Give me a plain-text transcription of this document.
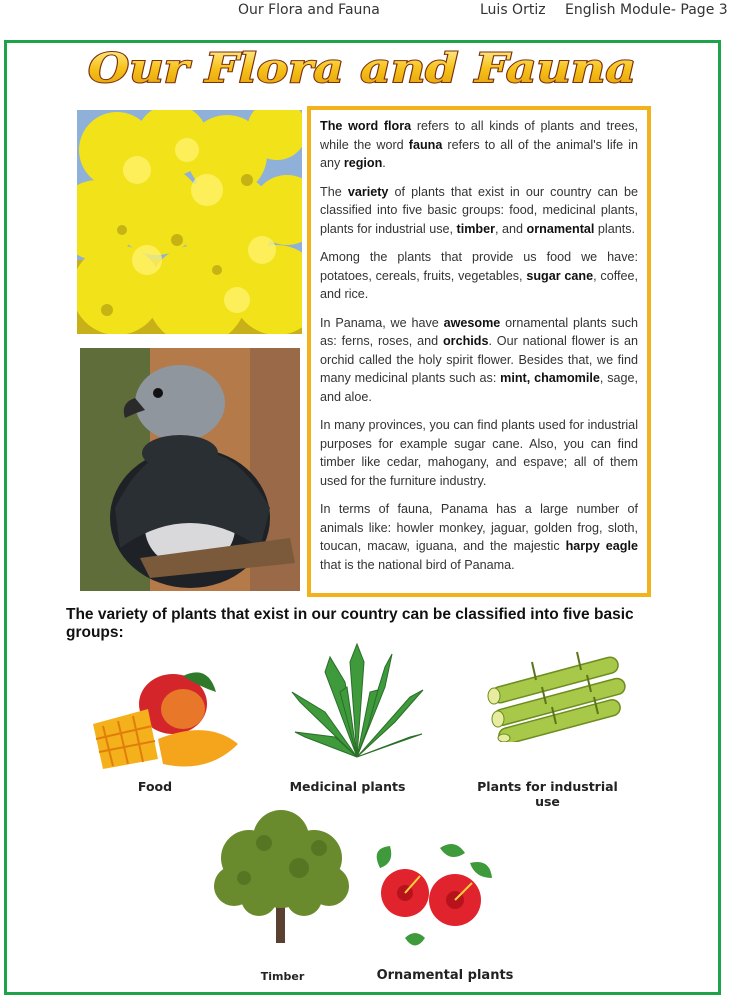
Our Flora and Fauna	Luis Ortiz English Module- Page 3
Our Flora and Fauna

The word flora refers to all kinds of plants and trees, while the word fauna refers to all of the animal's life in any region.

The variety of plants that exist in our country can be classified into five basic groups: food, medicinal plants, plants for industrial use, timber, and ornamental plants.

Among the plants that provide us food we have: potatoes, cereals, fruits, vegetables, sugar cane, coffee, and rice.

In Panama, we have awesome ornamental plants such as: ferns, roses, and orchids. Our national flower is an orchid called the holy spirit flower. Besides that, we find many medicinal plants such as: mint, chamomile, sage, and aloe.

In many provinces, you can find plants used for industrial purposes for example sugar cane. Also, you can find timber like cedar, mahogany, and espave; all of them used for the furniture industry.

In terms of fauna, Panama has a large number of animals like: howler monkey, jaguar, golden frog, sloth, toucan, macaw, iguana, and the majestic harpy eagle that is the national bird of Panama.

The variety of plants that exist in our country can be classified into five basic groups:
Food	Medicinal plants	Plants for industrial use
Timber	Ornamental plants
